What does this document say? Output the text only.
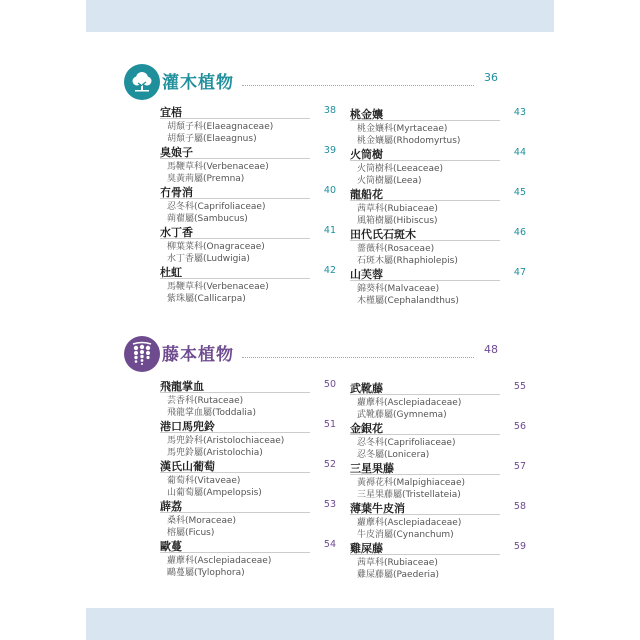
灌木植物	36
宜梧	38
胡頹子科(Elaeagnaceae)
胡頹子屬(Elaeagnus)
臭娘子	39
馬鞭草科(Verbenaceae)
臭黃荊屬(Premna)
冇骨消	40
忍冬科(Caprifoliaceae)
蒴藋屬(Sambucus)
水丁香	41
柳葉菜科(Onagraceae)
水丁香屬(Ludwigia)
杜虹	42
馬鞭草科(Verbenaceae)
紫珠屬(Callicarpa)
桃金孃	43
桃金孃科(Myrtaceae)
桃金孃屬(Rhodomyrtus)
火筒樹	44
火筒樹科(Leeaceae)
火筒樹屬(Leea)
龍船花	45
茜草科(Rubiaceae)
風箱樹屬(Hibiscus)
田代氏石斑木	46
薔薇科(Rosaceae)
石斑木屬(Rhaphiolepis)
山芙蓉	47
錦葵科(Malvaceae)
木槿屬(Cephalandthus)
藤本植物	48
飛龍掌血	50
芸香科(Rutaceae)
飛龍掌血屬(Toddalia)
港口馬兜鈴	51
馬兜鈴科(Aristolochiaceae)
馬兜鈴屬(Aristolochia)
漢氏山葡萄	52
葡萄科(Vitaveae)
山葡萄屬(Ampelopsis)
薜荔	53
桑科(Moraceae)
榕屬(Ficus)
歐蔓	54
蘿藦科(Asclepiadaceae)
鷗蔓屬(Tylophora)
武靴藤	55
蘿藦科(Asclepiadaceae)
武靴藤屬(Gymnema)
金銀花	56
忍冬科(Caprifoliaceae)
忍冬屬(Lonicera)
三星果藤	57
黃褥花科(Malpighiaceae)
三星果藤屬(Tristellateia)
薄葉牛皮消	58
蘿藦科(Asclepiadaceae)
牛皮消屬(Cynanchum)
雞屎藤	59
茜草科(Rubiaceae)
雞屎藤屬(Paederia)
